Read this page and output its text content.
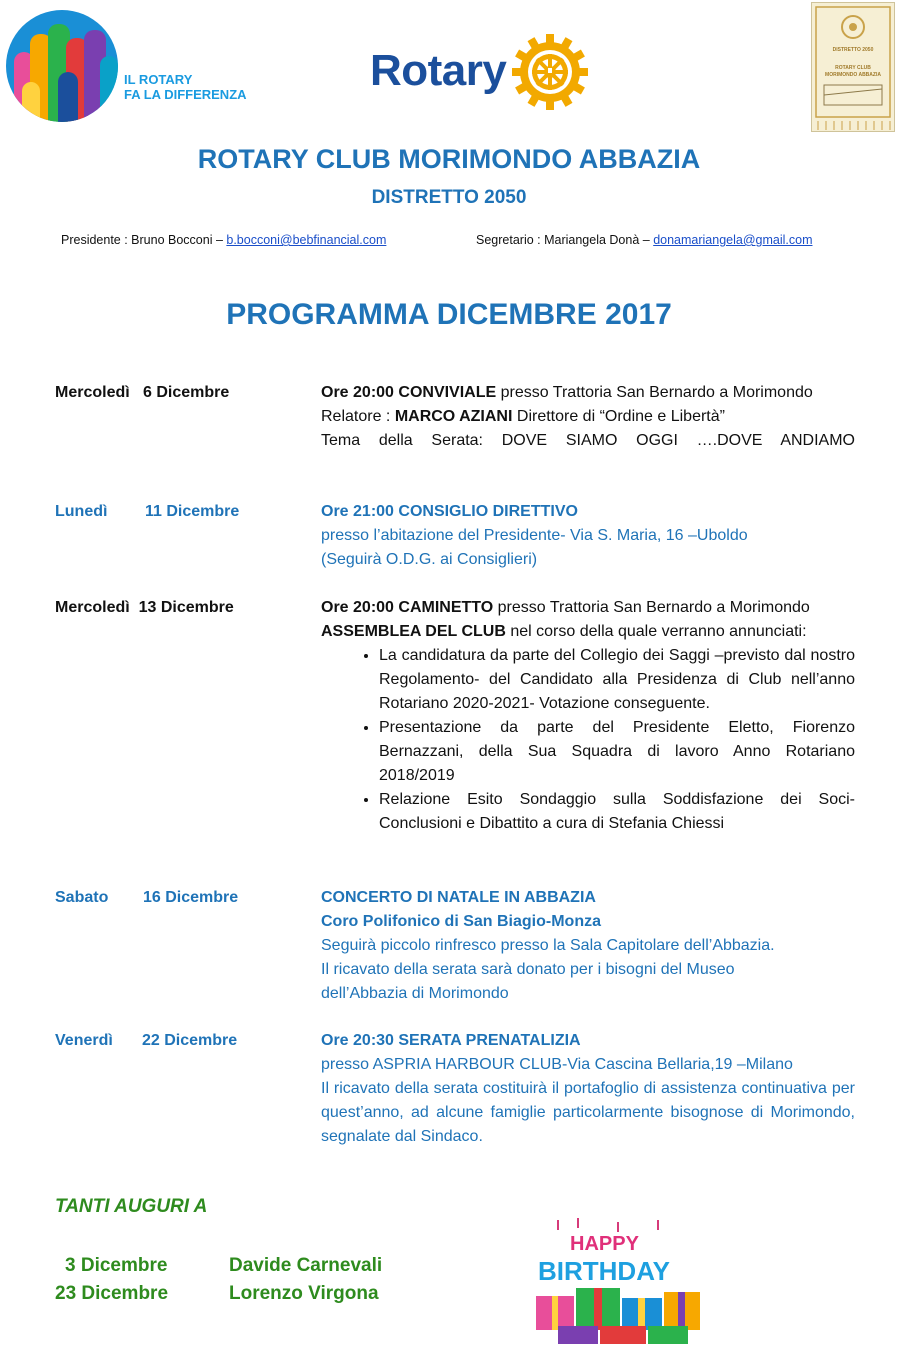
IL ROTARY
FA LA DIFFERENZA	Rotary	DISTRETTO 2050
ROTARY CLUB
MORIMONDO ABBAZIA
ROTARY CLUB MORIMONDO ABBAZIA
DISTRETTO 2050
Presidente : Bruno Bocconi – b.bocconi@bebfinancial.com	Segretario : Mariangela Donà – donamariangela@gmail.com
PROGRAMMA DICEMBRE 2017
Mercoledì 6 Dicembre	Ore 20:00 CONVIVIALE presso Trattoria San Bernardo a Morimondo

Relatore : MARCO AZIANI Direttore di “Ordine e Libertà”

Tema della Serata: DOVE SIAMO OGGI ….DOVE ANDIAMO

Lunedì 11 Dicembre	Ore 21:00 CONSIGLIO DIRETTIVO

presso l’abitazione del Presidente- Via S. Maria, 16 –Uboldo

(Seguirà O.D.G. ai Consiglieri)

Mercoledì 13 Dicembre	Ore 20:00 CAMINETTO presso Trattoria San Bernardo a Morimondo

ASSEMBLEA DEL CLUB nel corso della quale verranno annunciati:

• La candidatura da parte del Collegio dei Saggi –previsto dal nostro Regolamento- del Candidato alla Presidenza di Club nell’anno Rotariano 2020-2021- Votazione conseguente.
• Presentazione da parte del Presidente Eletto, Fiorenzo Bernazzani, della Sua Squadra di lavoro Anno Rotariano 2018/2019
• Relazione Esito Sondaggio sulla Soddisfazione dei Soci- Conclusioni e Dibattito a cura di Stefania Chiessi
Sabato 16 Dicembre	CONCERTO DI NATALE IN ABBAZIA

Coro Polifonico di San Biagio-Monza

Seguirà piccolo rinfresco presso la Sala Capitolare dell’Abbazia.

Il ricavato della serata sarà donato per i bisogni del Museo dell’Abbazia di Morimondo

Venerdì 22 Dicembre	Ore 20:30 SERATA PRENATALIZIA

presso ASPRIA HARBOUR CLUB-Via Cascina Bellaria,19 –Milano

Il ricavato della serata costituirà il portafoglio di assistenza continuativa per quest’anno, ad alcune famiglie particolarmente bisognose di Morimondo, segnalate dal Sindaco.

TANTI AUGURI A
3 Dicembre	Davide Carnevali
23 Dicembre	Lorenzo Virgona
HAPPY
BIRTHDAY
